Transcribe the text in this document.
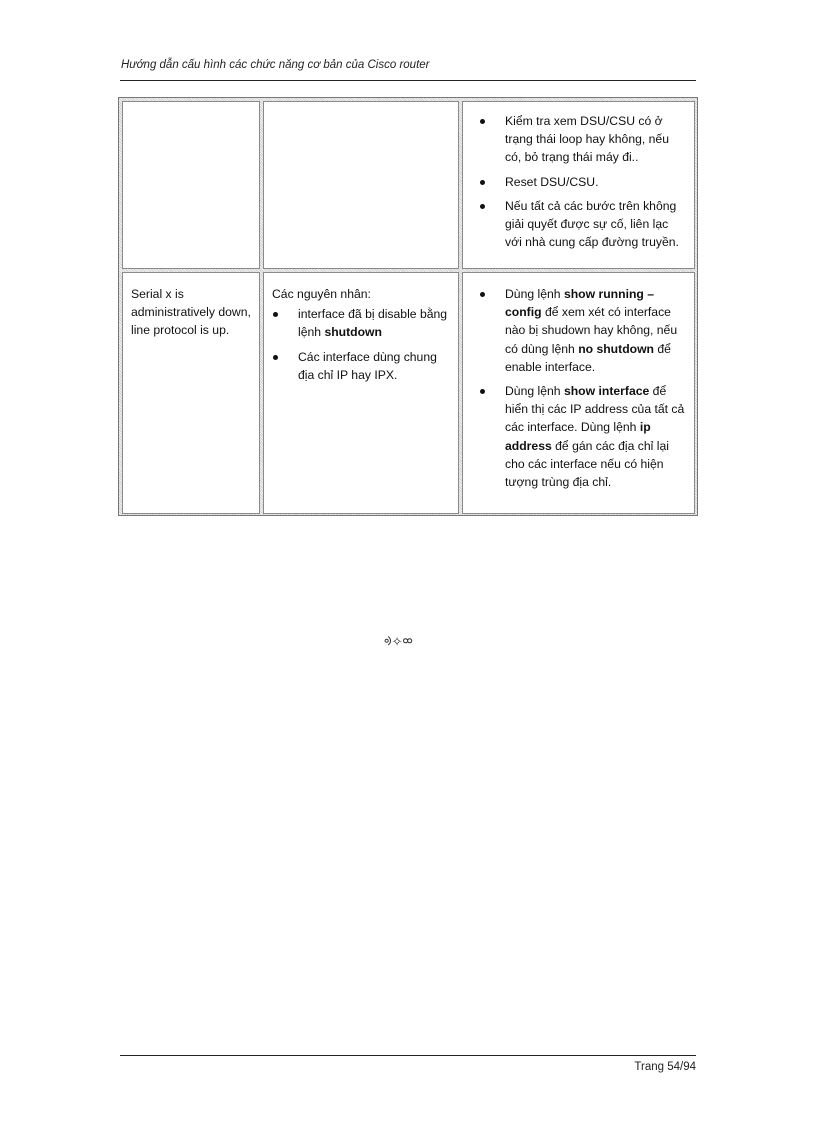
Hướng dẫn cấu hình các chức năng cơ bản của Cisco router
Kiểm tra xem DSU/CSU có ở trạng thái loop hay không, nếu có, bỏ trạng thái máy đi..
Reset DSU/CSU.
Nếu tất cả các bước trên không giải quyết được sự cố, liên lạc với nhà cung cấp đường truyền.
Serial x is administratively down, line protocol is up.
Các nguyên nhân:
interface đã bị disable bằng lệnh shutdown
Các interface dùng chung địa chỉ IP hay IPX.
Dùng lệnh show running – config để xem xét có interface nào bị shudown hay không, nếu có dùng lệnh no shutdown để enable interface.
Dùng lệnh show interface để hiển thị các IP address của tất cả các interface. Dùng lệnh ip address để gán các địa chỉ lại cho các interface nếu có hiện tượng trùng địa chỉ.
ᢀ✧ᢁ
Trang 54/94
